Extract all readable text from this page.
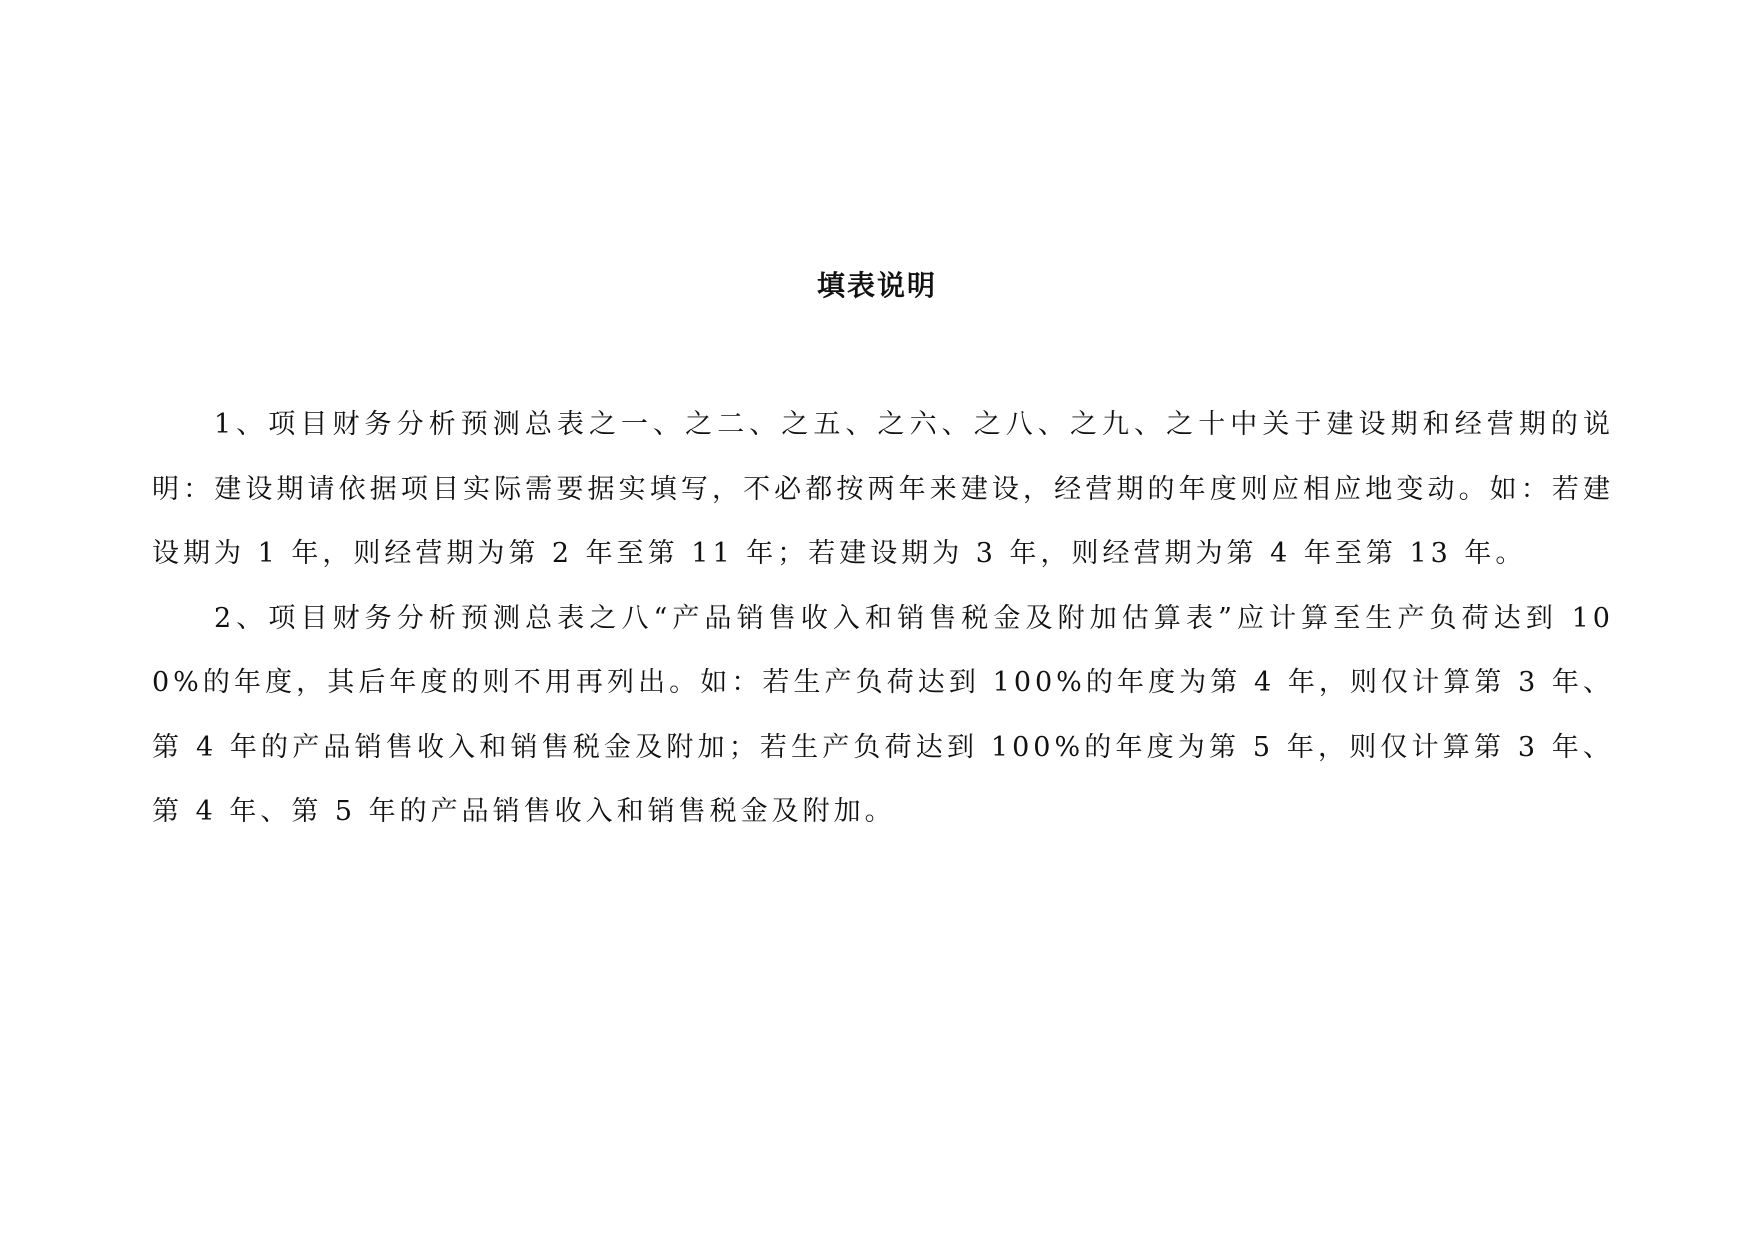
填表说明

1、项目财务分析预测总表之一、之二、之五、之六、之八、之九、之十中关于建设期和经营期的说明：建设期请依据项目实际需要据实填写，不必都按两年来建设，经营期的年度则应相应地变动。如：若建设期为 1 年，则经营期为第 2 年至第 11 年；若建设期为 3 年，则经营期为第 4 年至第 13 年。

2、项目财务分析预测总表之八“产品销售收入和销售税金及附加估算表”应计算至生产负荷达到 100%的年度，其后年度的则不用再列出。如：若生产负荷达到 100%的年度为第 4 年，则仅计算第 3 年、第 4 年的产品销售收入和销售税金及附加；若生产负荷达到 100%的年度为第 5 年，则仅计算第 3 年、第 4 年、第 5 年的产品销售收入和销售税金及附加。
